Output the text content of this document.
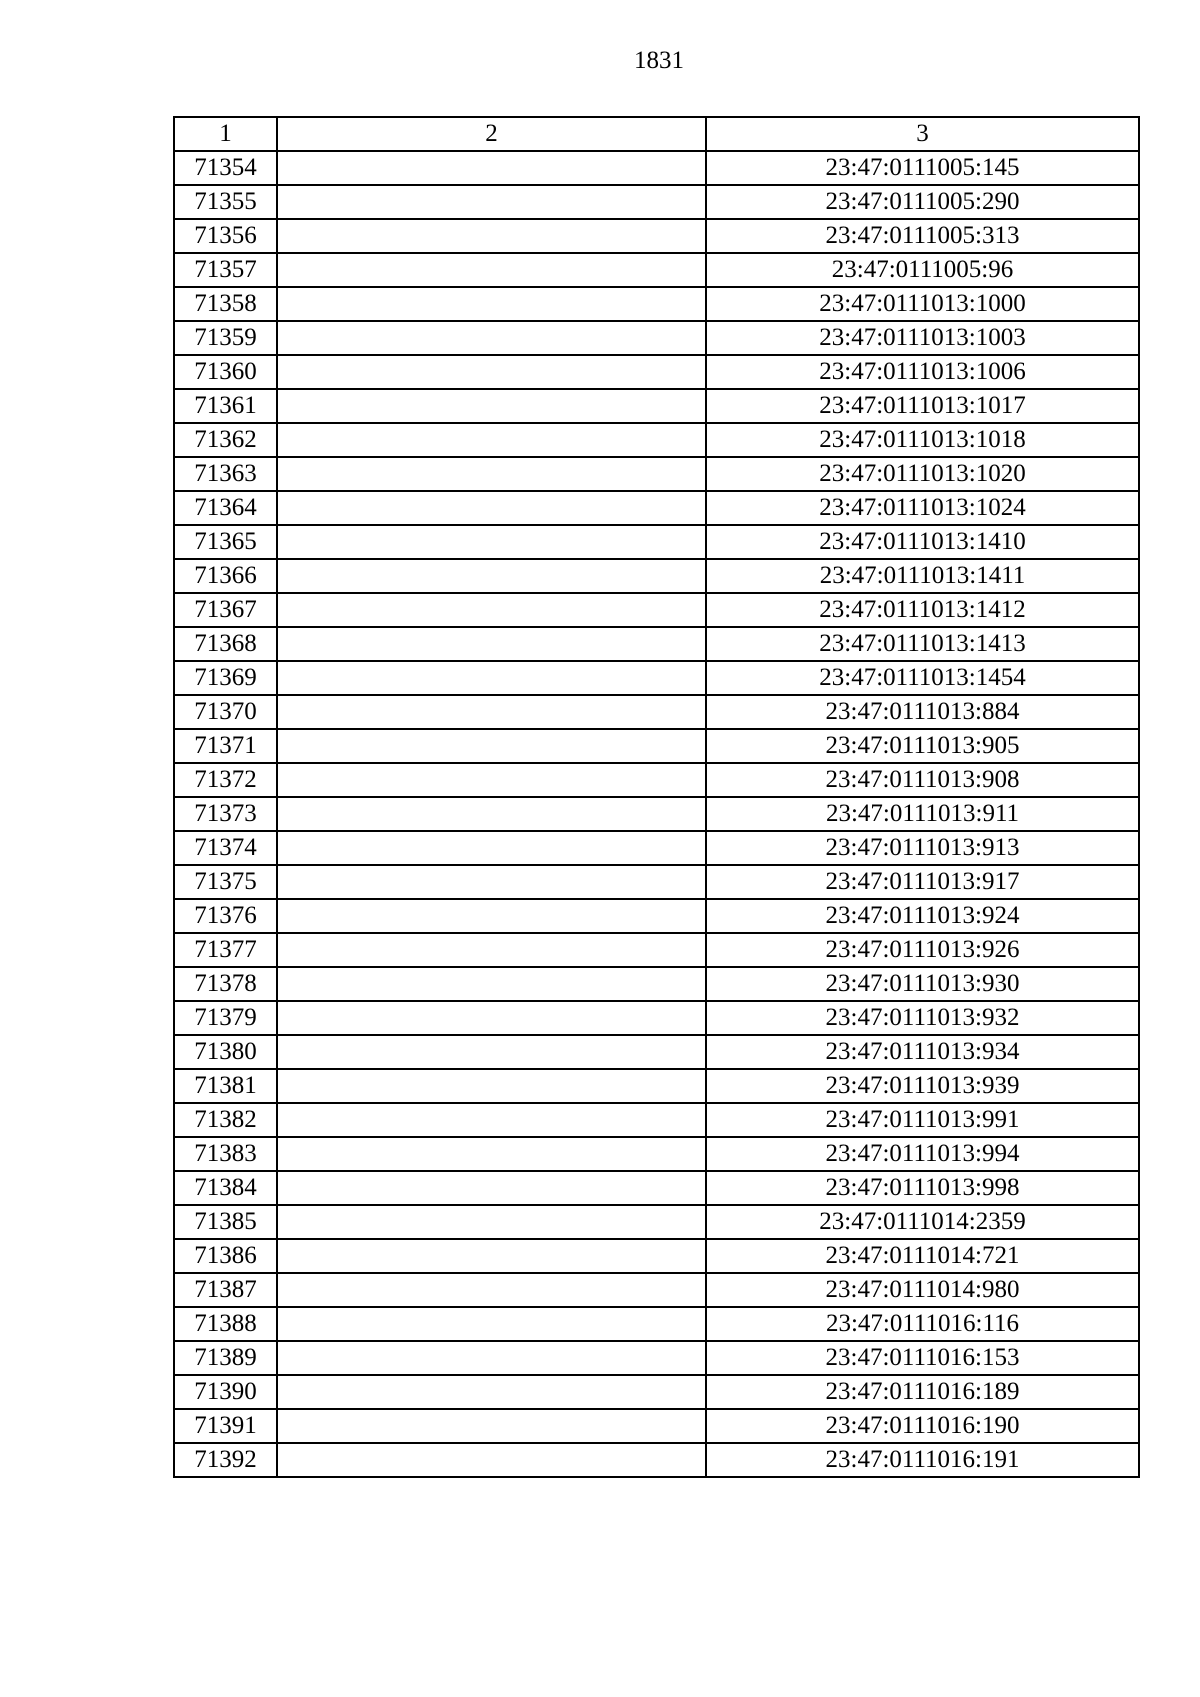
1831
1	2	3
71354		23:47:0111005:145
71355		23:47:0111005:290
71356		23:47:0111005:313
71357		23:47:0111005:96
71358		23:47:0111013:1000
71359		23:47:0111013:1003
71360		23:47:0111013:1006
71361		23:47:0111013:1017
71362		23:47:0111013:1018
71363		23:47:0111013:1020
71364		23:47:0111013:1024
71365		23:47:0111013:1410
71366		23:47:0111013:1411
71367		23:47:0111013:1412
71368		23:47:0111013:1413
71369		23:47:0111013:1454
71370		23:47:0111013:884
71371		23:47:0111013:905
71372		23:47:0111013:908
71373		23:47:0111013:911
71374		23:47:0111013:913
71375		23:47:0111013:917
71376		23:47:0111013:924
71377		23:47:0111013:926
71378		23:47:0111013:930
71379		23:47:0111013:932
71380		23:47:0111013:934
71381		23:47:0111013:939
71382		23:47:0111013:991
71383		23:47:0111013:994
71384		23:47:0111013:998
71385		23:47:0111014:2359
71386		23:47:0111014:721
71387		23:47:0111014:980
71388		23:47:0111016:116
71389		23:47:0111016:153
71390		23:47:0111016:189
71391		23:47:0111016:190
71392		23:47:0111016:191
